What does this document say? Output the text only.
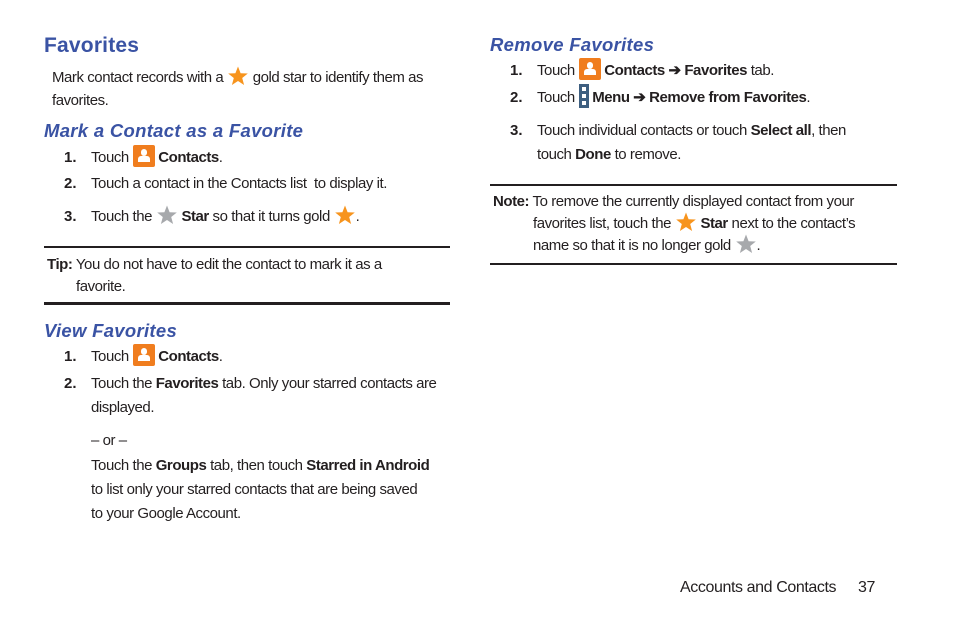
Favorites
Mark contact records with a gold star to identify them as
favorites.
Mark a Contact as a Favorite
1. Touch Contacts.
2. Touch a contact in the Contacts list  to display it.
3. Touch the Star so that it turns gold .
Tip: You do not have to edit the contact to mark it as a
favorite.
View Favorites
1. Touch Contacts.
2. Touch the Favorites tab. Only your starred contacts are
displayed.
– or –
Touch the Groups tab, then touch Starred in Android
to list only your starred contacts that are being saved
to your Google Account.
Remove Favorites
1. Touch Contacts ➔ Favorites tab.
2. Touch Menu ➔ Remove from Favorites.
3. Touch individual contacts or touch Select all, then
touch Done to remove.
Note: To remove the currently displayed contact from your
favorites list, touch the Star next to the contact’s
name so that it is no longer gold .
Accounts and Contacts 37
